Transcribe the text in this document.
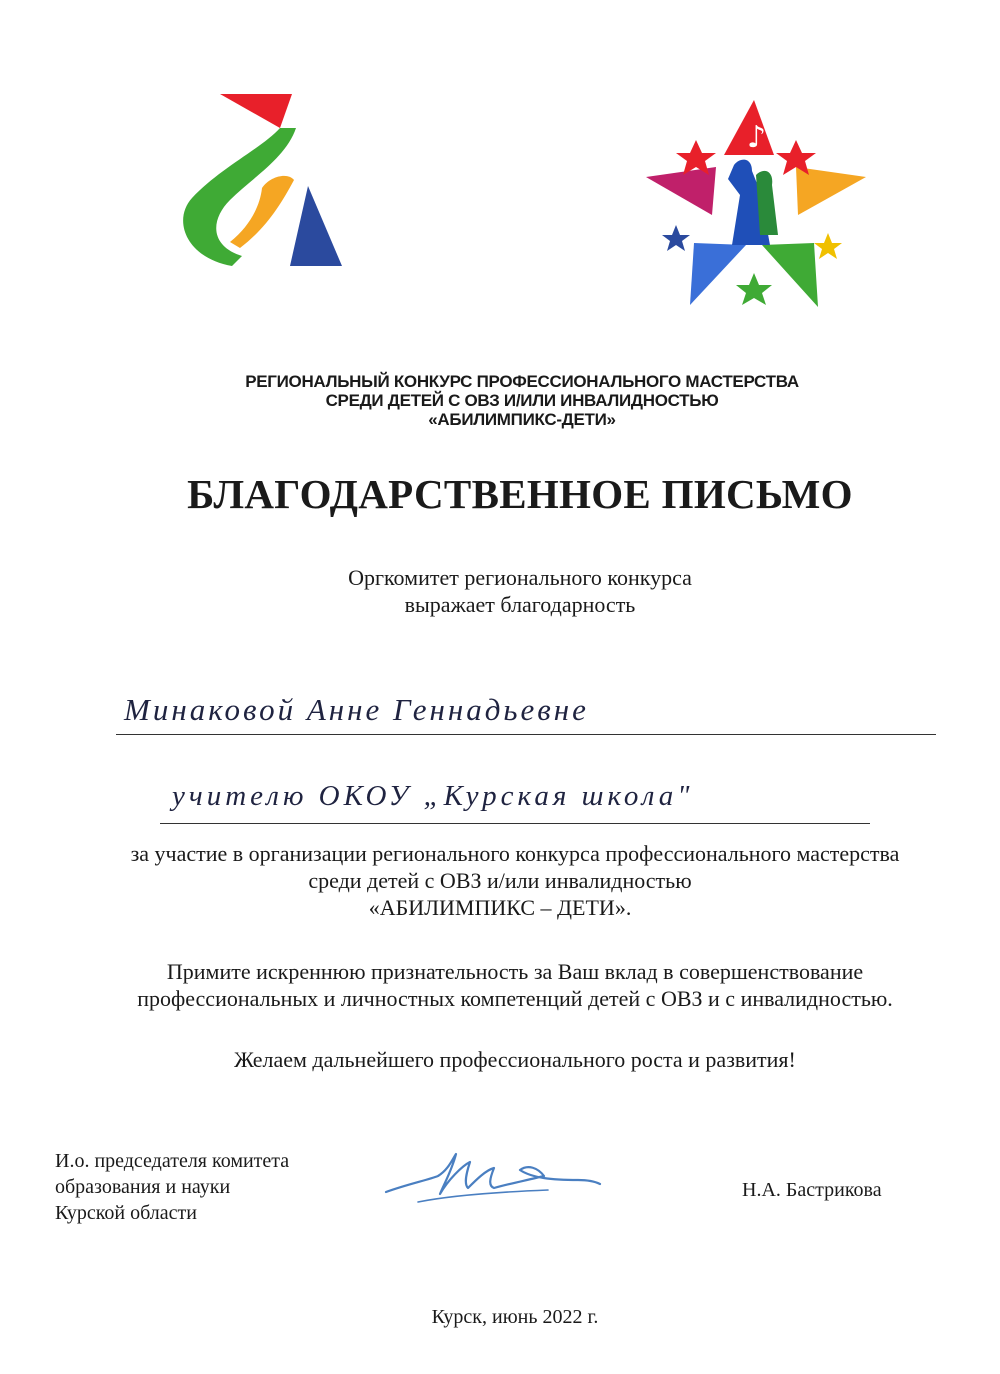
♪
РЕГИОНАЛЬНЫЙ КОНКУРС ПРОФЕССИОНАЛЬНОГО МАСТЕРСТВА
СРЕДИ ДЕТЕЙ С ОВЗ И/ИЛИ ИНВАЛИДНОСТЬЮ
«АБИЛИМПИКС-ДЕТИ»
БЛАГОДАРСТВЕННОЕ ПИСЬМО
Оргкомитет регионального конкурса
выражает благодарность
Минаковой Анне Геннадьевне
учителю ОКОУ „Курская школа"
за участие в организации регионального конкурса профессионального мастерства
среди детей с ОВЗ и/или инвалидностью
«АБИЛИМПИКС – ДЕТИ».
Примите искреннюю признательность за Ваш вклад в совершенствование
профессиональных и личностных компетенций детей с ОВЗ и с инвалидностью.
Желаем дальнейшего профессионального роста и развития!
И.о. председателя комитета
образования и науки
Курской области
Н.А. Бастрикова
Курск, июнь 2022 г.
